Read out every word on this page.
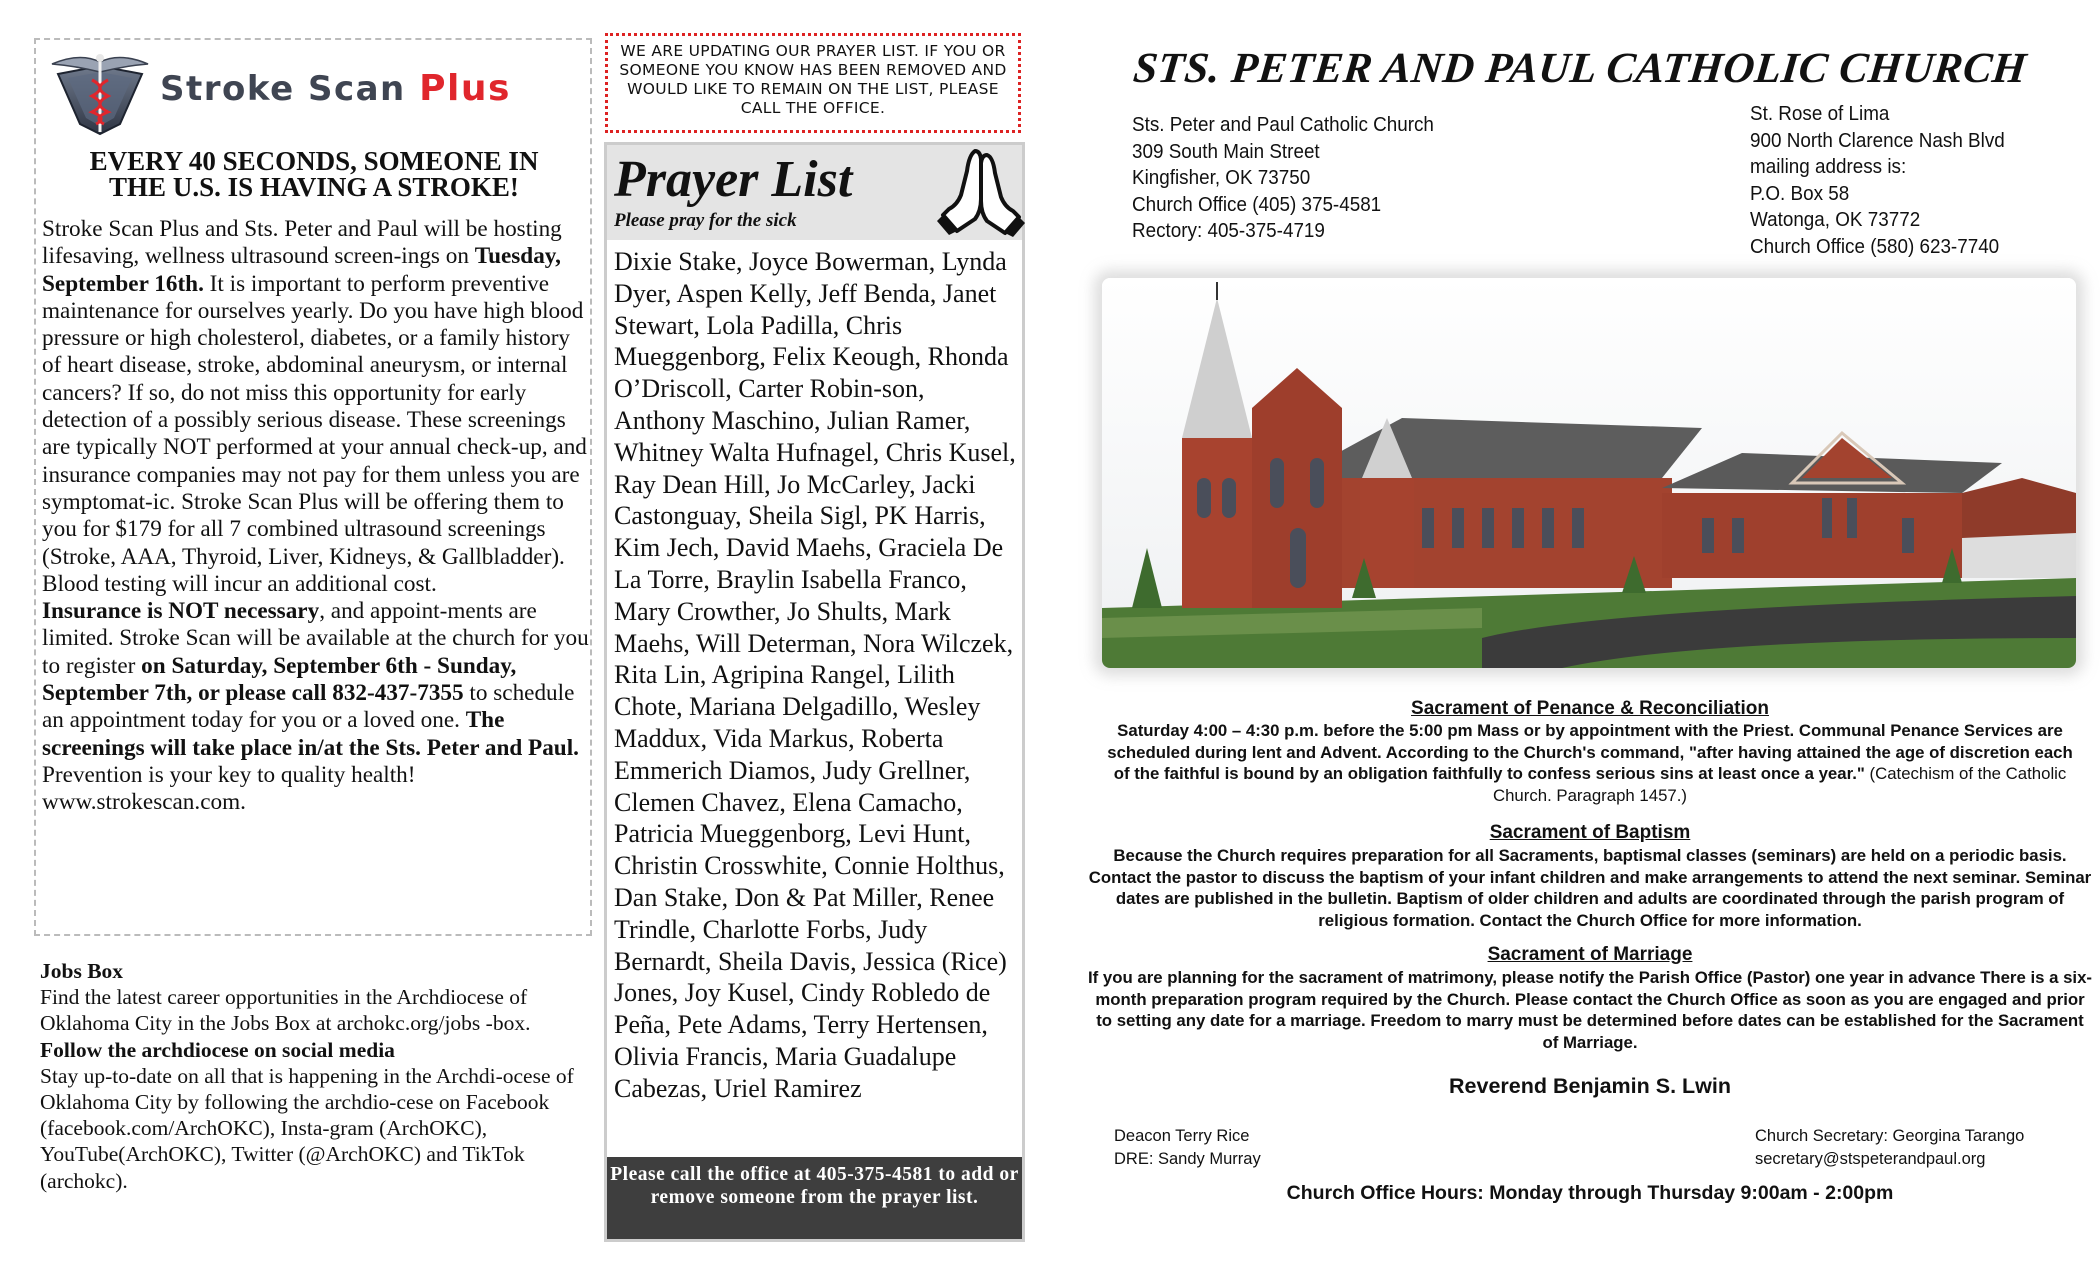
Stroke Scan Plus
EVERY 40 SECONDS, SOMEONE IN
THE U.S. IS HAVING A STROKE!
Stroke Scan Plus and Sts. Peter and Paul will be hosting lifesaving, wellness ultrasound screen-ings on Tuesday, September 16th. It is important to perform preventive maintenance for ourselves yearly. Do you have high blood pressure or high cholesterol, diabetes, or a family history of heart disease, stroke, abdominal aneurysm, or internal cancers? If so, do not miss this opportunity for early detection of a possibly serious disease. These screenings are typically NOT performed at your annual check-up, and insurance companies may not pay for them unless you are symptomat-ic. Stroke Scan Plus will be offering them to you for $179 for all 7 combined ultrasound screenings (Stroke, AAA, Thyroid, Liver, Kidneys, & Gallbladder). Blood testing will incur an additional cost.
Insurance is NOT necessary, and appoint-ments are limited. Stroke Scan will be available at the church for you to register on Saturday, September 6th - Sunday, September 7th, or please call 832-437-7355 to schedule an appointment today for you or a loved one. The screenings will take place in/at the Sts. Peter and Paul. Prevention is your key to quality health! www.strokescan.com.
Jobs Box
Find the latest career opportunities in the Archdiocese of Oklahoma City in the Jobs Box at archokc.org/jobs -box.
Follow the archdiocese on social media
Stay up-to-date on all that is happening in the Archdi-ocese of Oklahoma City by following the archdio-cese on Facebook (facebook.com/ArchOKC), Insta-gram (ArchOKC), YouTube(ArchOKC), Twitter (@ArchOKC) and TikTok (archokc).
WE ARE UPDATING OUR PRAYER LIST. IF YOU OR SOMEONE YOU KNOW HAS BEEN REMOVED AND WOULD LIKE TO REMAIN ON THE LIST, PLEASE CALL THE OFFICE.
Prayer List
Please pray for the sick
Dixie Stake, Joyce Bowerman, Lynda Dyer, Aspen Kelly, Jeff Benda, Janet Stewart, Lola Padilla, Chris Mueggenborg, Felix Keough, Rhonda O’Driscoll, Carter Robin-son, Anthony Maschino, Julian Ramer, Whitney Walta Hufnagel, Chris Kusel, Ray Dean Hill, Jo McCarley, Jacki Castonguay, Sheila Sigl, PK Harris, Kim Jech, David Maehs, Graciela De La Torre, Braylin Isabella Franco, Mary Crowther, Jo Shults, Mark Maehs, Will Determan, Nora Wilczek, Rita Lin, Agripina Rangel, Lilith Chote, Mariana Delgadillo, Wesley Maddux, Vida Markus, Roberta Emmerich Diamos, Judy Grellner, Clemen Chavez, Elena Camacho, Patricia Mueggenborg, Levi Hunt, Christin Crosswhite, Connie Holthus, Dan Stake, Don & Pat Miller, Renee Trindle, Charlotte Forbs, Judy Bernardt, Sheila Davis, Jessica (Rice) Jones, Joy Kusel, Cindy Robledo de Peña, Pete Adams, Terry Hertensen, Olivia Francis, Maria Guadalupe Cabezas, Uriel Ramirez
Please call the office at 405-375-4581 to add or remove someone from the prayer list.
STS. PETER AND PAUL CATHOLIC CHURCH
Sts. Peter and Paul Catholic Church
309 South Main Street
Kingfisher, OK 73750
Church Office (405) 375-4581
Rectory: 405-375-4719
St. Rose of Lima
900 North Clarence Nash Blvd
mailing address is:
P.O. Box 58
Watonga, OK 73772
Church Office (580) 623-7740
Sacrament of Penance & Reconciliation
Saturday 4:00 – 4:30 p.m. before the 5:00 pm Mass or by appointment with the Priest. Communal Penance Services are scheduled during lent and Advent. According to the Church's command, "after having attained the age of discretion each of the faithful is bound by an obligation faithfully to confess serious sins at least once a year." (Catechism of the Catholic Church. Paragraph 1457.)
Sacrament of Baptism
Because the Church requires preparation for all Sacraments, baptismal classes (seminars) are held on a periodic basis. Contact the pastor to discuss the baptism of your infant children and make arrangements to attend the next seminar. Seminar dates are published in the bulletin. Baptism of older children and adults are coordinated through the parish program of religious formation. Contact the Church Office for more information.
Sacrament of Marriage
If you are planning for the sacrament of matrimony, please notify the Parish Office (Pastor) one year in advance There is a six-month preparation program required by the Church. Please contact the Church Office as soon as you are engaged and prior to setting any date for a marriage. Freedom to marry must be determined before dates can be established for the Sacrament of Marriage.
Reverend Benjamin S. Lwin
Deacon Terry Rice
DRE: Sandy Murray
Church Secretary: Georgina Tarango
secretary@stspeterandpaul.org
Church Office Hours: Monday through Thursday 9:00am - 2:00pm
